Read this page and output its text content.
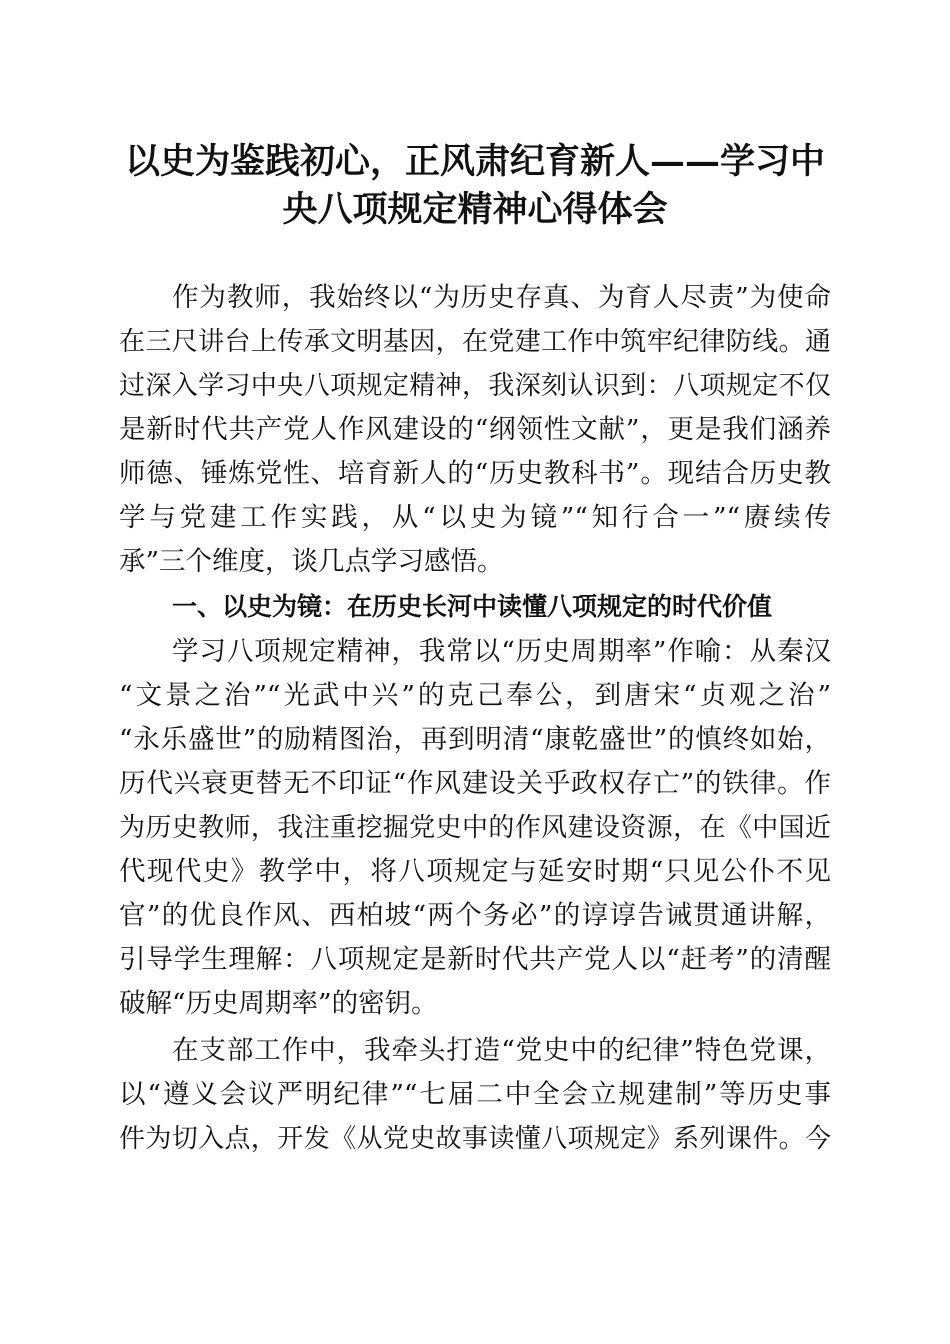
以史为鉴践初心，正风肃纪育新人——学习中
央八项规定精神心得体会

作为教师，我始终以“为历史存真、为育人尽责”为使命

在三尺讲台上传承文明基因，在党建工作中筑牢纪律防线。通

过深入学习中央八项规定精神，我深刻认识到：八项规定不仅

是新时代共产党人作风建设的“纲领性文献”，更是我们涵养

师德、锤炼党性、培育新人的“历史教科书”。现结合历史教

学与党建工作实践，从“以史为镜”“知行合一”“赓续传

承”三个维度，谈几点学习感悟。

一、以史为镜：在历史长河中读懂八项规定的时代价值

学习八项规定精神，我常以“历史周期率”作喻：从秦汉

“文景之治”“光武中兴”的克己奉公，到唐宋“贞观之治”

“永乐盛世”的励精图治，再到明清“康乾盛世”的慎终如始，

历代兴衰更替无不印证“作风建设关乎政权存亡”的铁律。作

为历史教师，我注重挖掘党史中的作风建设资源，在《中国近

代现代史》教学中，将八项规定与延安时期“只见公仆不见

官”的优良作风、西柏坡“两个务必”的谆谆告诫贯通讲解，

引导学生理解：八项规定是新时代共产党人以“赶考”的清醒

破解“历史周期率”的密钥。

在支部工作中，我牵头打造“党史中的纪律”特色党课，

以“遵义会议严明纪律”“七届二中全会立规建制”等历史事

件为切入点，开发《从党史故事读懂八项规定》系列课件。今
